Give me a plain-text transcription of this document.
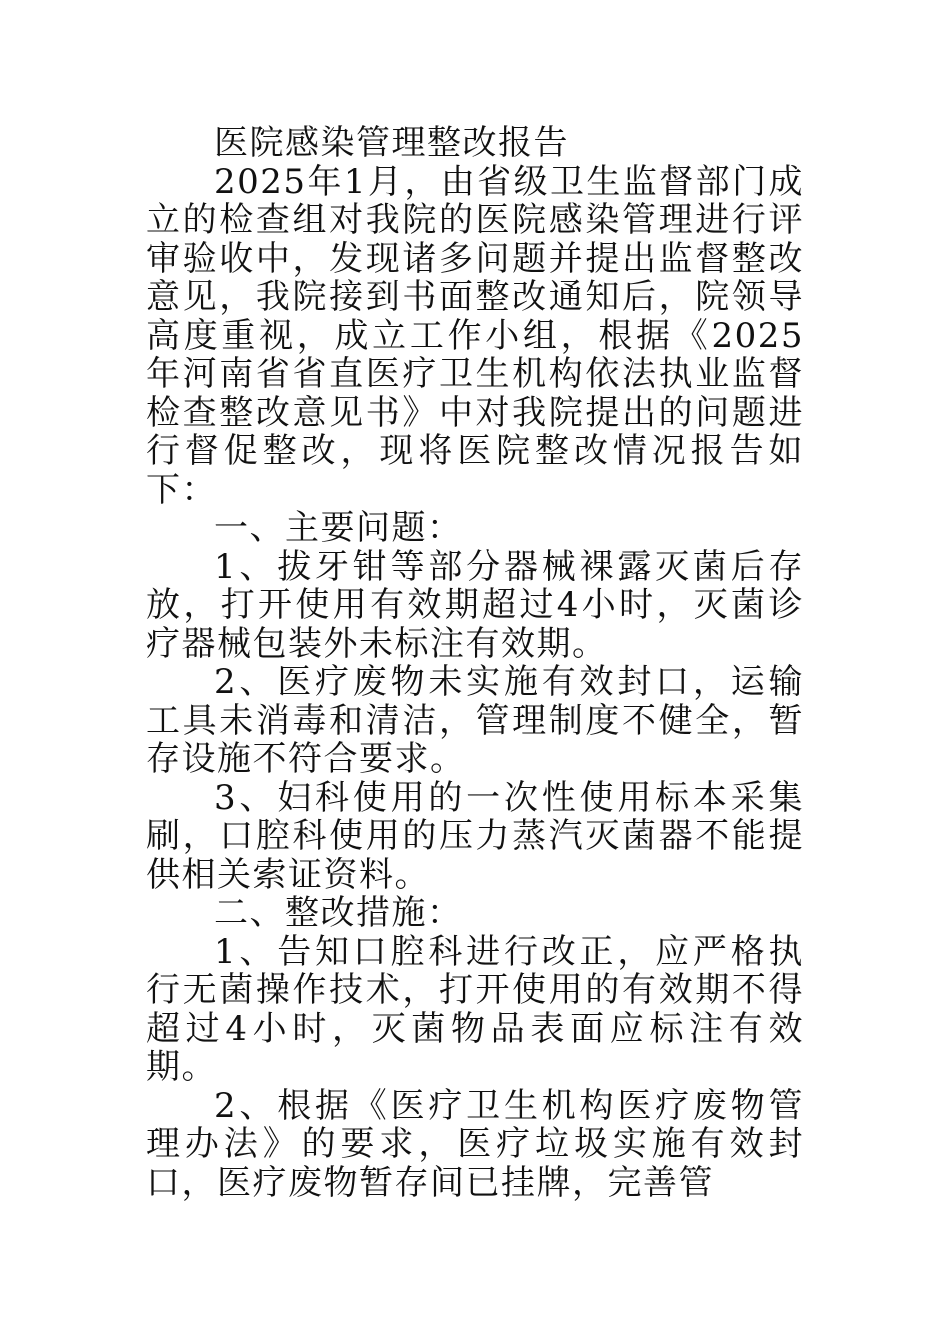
医院感染管理整改报告

2025年1月，由省级卫生监督部门成立的检查组对我院的医院感染管理进行评审验收中，发现诸多问题并提出监督整改意见，我院接到书面整改通知后，院领导高度重视，成立工作小组，根据《2025年河南省省直医疗卫生机构依法执业监督检查整改意见书》中对我院提出的问题进行督促整改，现将医院整改情况报告如下：

一、主要问题：

1、拔牙钳等部分器械裸露灭菌后存放，打开使用有效期超过4小时，灭菌诊疗器械包装外未标注有效期。

2、医疗废物未实施有效封口，运输工具未消毒和清洁，管理制度不健全，暂存设施不符合要求。

3、妇科使用的一次性使用标本采集刷，口腔科使用的压力蒸汽灭菌器不能提供相关索证资料。

二、整改措施：

1、告知口腔科进行改正，应严格执行无菌操作技术，打开使用的有效期不得超过4小时，灭菌物品表面应标注有效期。

2、根据《医疗卫生机构医疗废物管理办法》的要求，医疗垃圾实施有效封口，医疗废物暂存间已挂牌，完善管
